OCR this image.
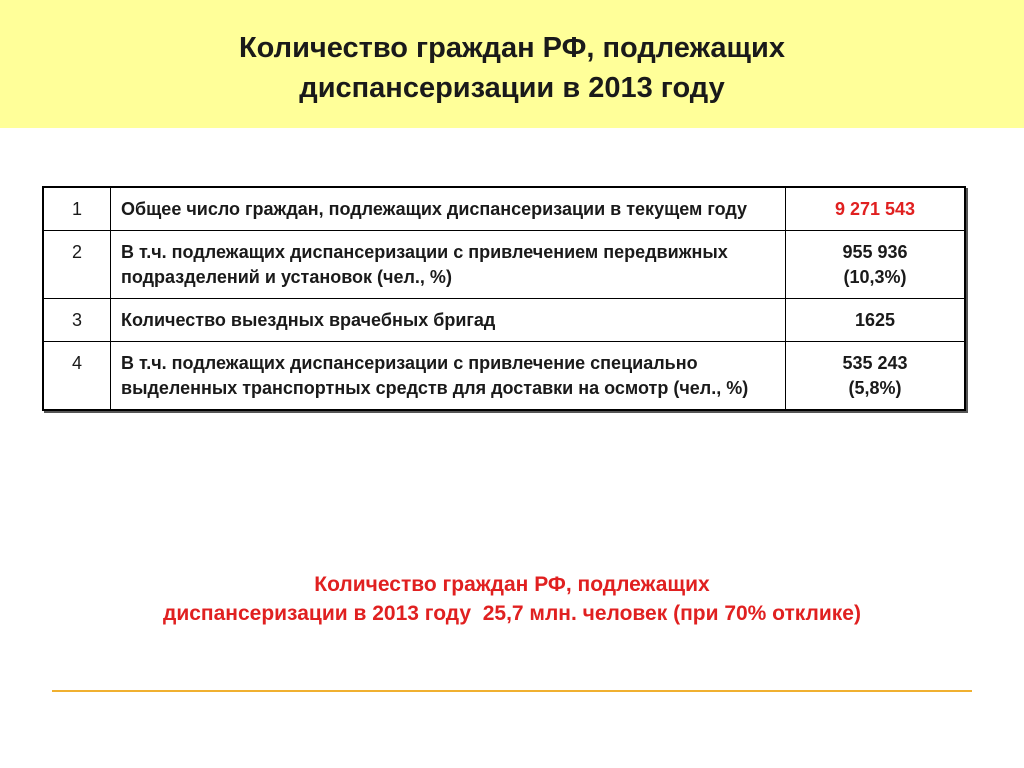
Количество граждан РФ, подлежащих
диспансеризации в 2013 году
1	Общее число граждан, подлежащих диспансеризации в текущем году	9 271 543

2	В т.ч. подлежащих диспансеризации с привлечением передвижных подразделений и установок (чел., %)	955 936
(10,3%)

3	Количество выездных врачебных бригад	1625

4	В т.ч. подлежащих диспансеризации с привлечение специально выделенных транспортных средств для доставки на осмотр (чел., %)	535 243
(5,8%)
Количество граждан РФ, подлежащих
диспансеризации в 2013 году  25,7 млн. человек (при 70% отклике)
